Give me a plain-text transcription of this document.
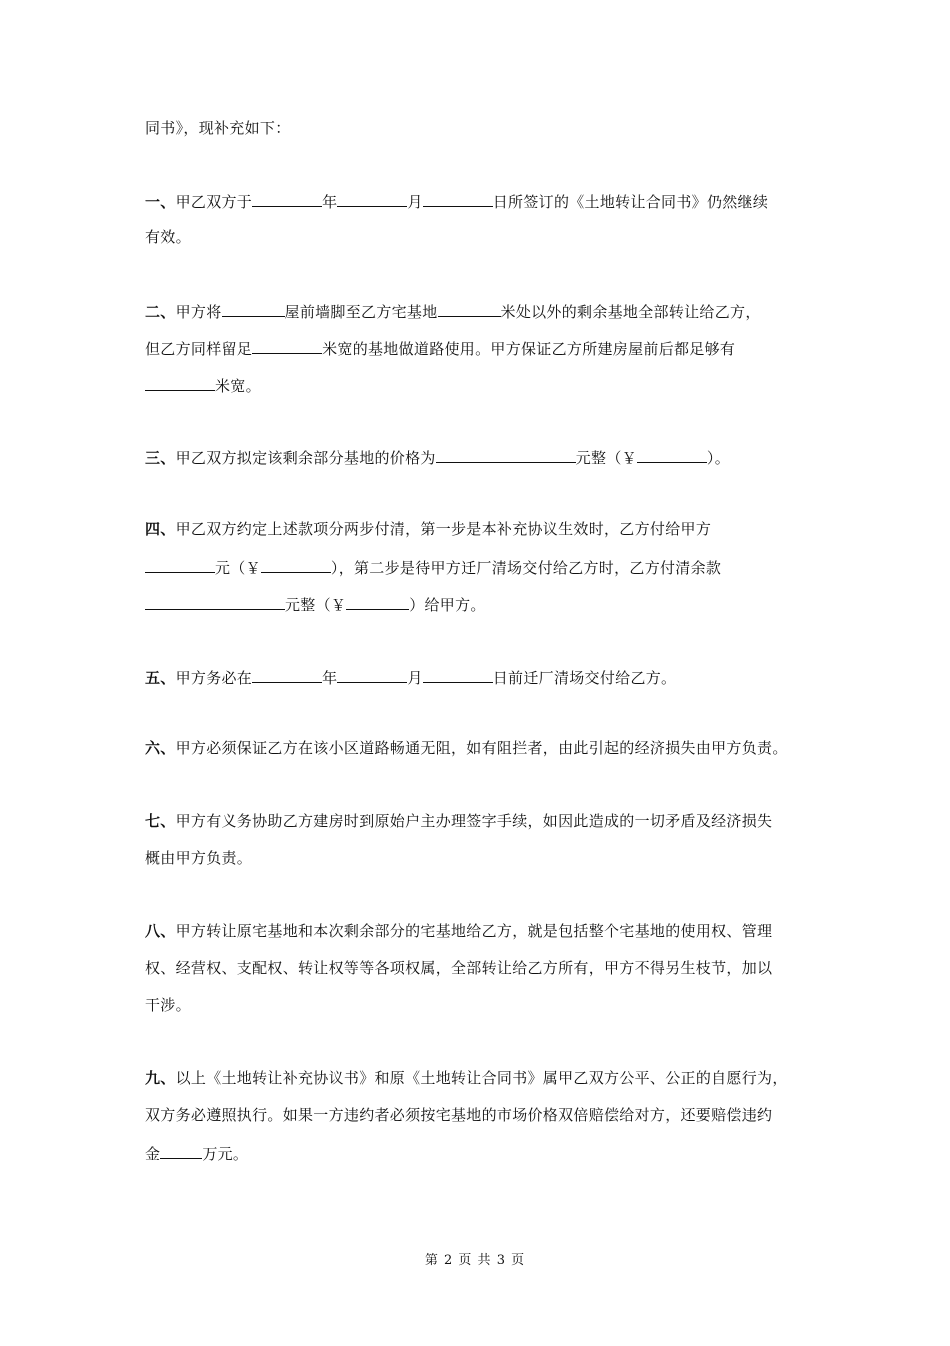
同书》，现补充如下：
一、甲乙双方于	年	月	日所签订的《土地转让合同书》仍然继续
有效。
二、甲方将	屋前墙脚至乙方宅基地	米处以外的剩余基地全部转让给乙方，
但乙方同样留足	米宽的基地做道路使用。甲方保证乙方所建房屋前后都足够有
米宽。
三、甲乙双方拟定该剩余部分基地的价格为	元整（￥	）。
四、甲乙双方约定上述款项分两步付清，第一步是本补充协议生效时，乙方付给甲方
元（￥	），第二步是待甲方迁厂清场交付给乙方时，乙方付清余款
元整（￥	）给甲方。
五、甲方务必在	年	月	日前迁厂清场交付给乙方。
六、甲方必须保证乙方在该小区道路畅通无阻，如有阻拦者，由此引起的经济损失由甲方负责。
七、甲方有义务协助乙方建房时到原始户主办理签字手续，如因此造成的一切矛盾及经济损失
概由甲方负责。
八、甲方转让原宅基地和本次剩余部分的宅基地给乙方，就是包括整个宅基地的使用权、管理
权、经营权、支配权、转让权等等各项权属，全部转让给乙方所有，甲方不得另生枝节，加以
干涉。
九、以上《土地转让补充协议书》和原《土地转让合同书》属甲乙双方公平、公正的自愿行为，
双方务必遵照执行。如果一方违约者必须按宅基地的市场价格双倍赔偿给对方，还要赔偿违约
金	万元。
第 2 页 共 3 页
